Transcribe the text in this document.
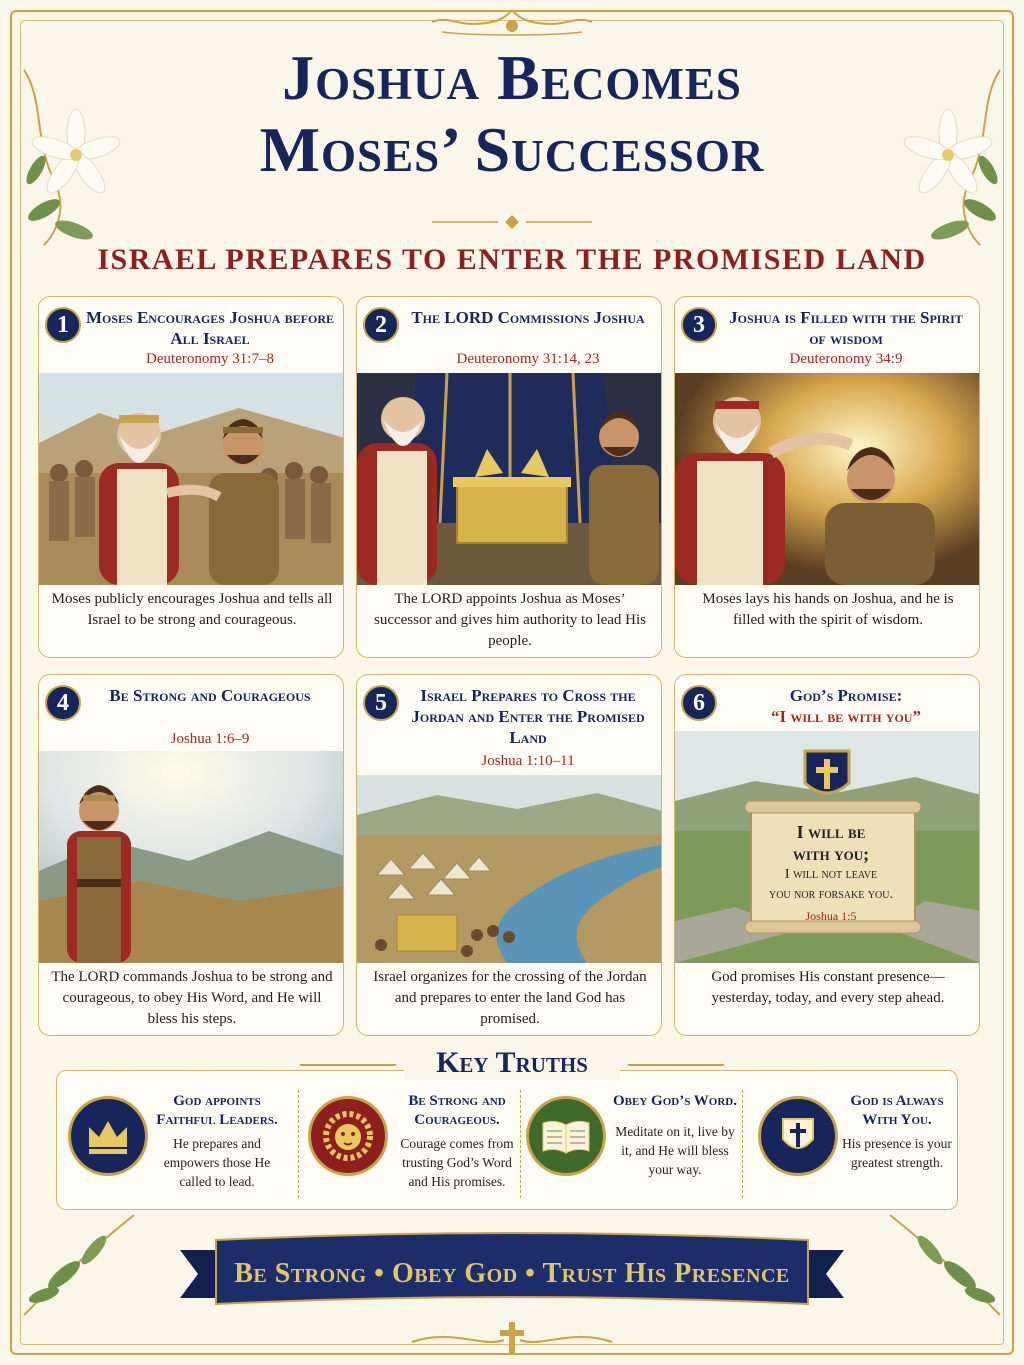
Joshua Becomes
Moses’ Successor
ISRAEL PREPARES TO ENTER THE PROMISED LAND
1 Moses Encourages Joshua before All Israel
Deuteronomy 31:7–8
Moses publicly encourages Joshua and tells all Israel to be strong and courageous.
2	The LORD Commissions Joshua
Deuteronomy 31:14, 23
The LORD appoints Joshua as Moses’ successor and gives him authority to lead His people.
3	Joshua is Filled with the Spirit of wisdom
Deuteronomy 34:9
Moses lays his hands on Joshua, and he is filled with the spirit of wisdom.
4	Be Strong and Courageous
Joshua 1:6–9
The LORD commands Joshua to be strong and courageous, to obey His Word, and He will bless his steps.
5	Israel Prepares to Cross the Jordan and Enter the Promised Land
Joshua 1:10–11
Israel organizes for the crossing of the Jordan and prepares to enter the land God has promised.
6	God’s Promise:
“I will be with you”
I will be
with you;
I will not leave
you nor forsake you.
Joshua 1:5
God promises His constant presence—yesterday, today, and every step ahead.
Key Truths
God appoints Faithful Leaders.
He prepares and empowers those He called to lead.
Be Strong and Courageous.
Courage comes from trusting God’s Word and His promises.
Obey God’s Word.
Meditate on it, live by it, and He will bless your way.
God is Always With You.
His presence is your greatest strength.
Be Strong • Obey God • Trust His Presence
